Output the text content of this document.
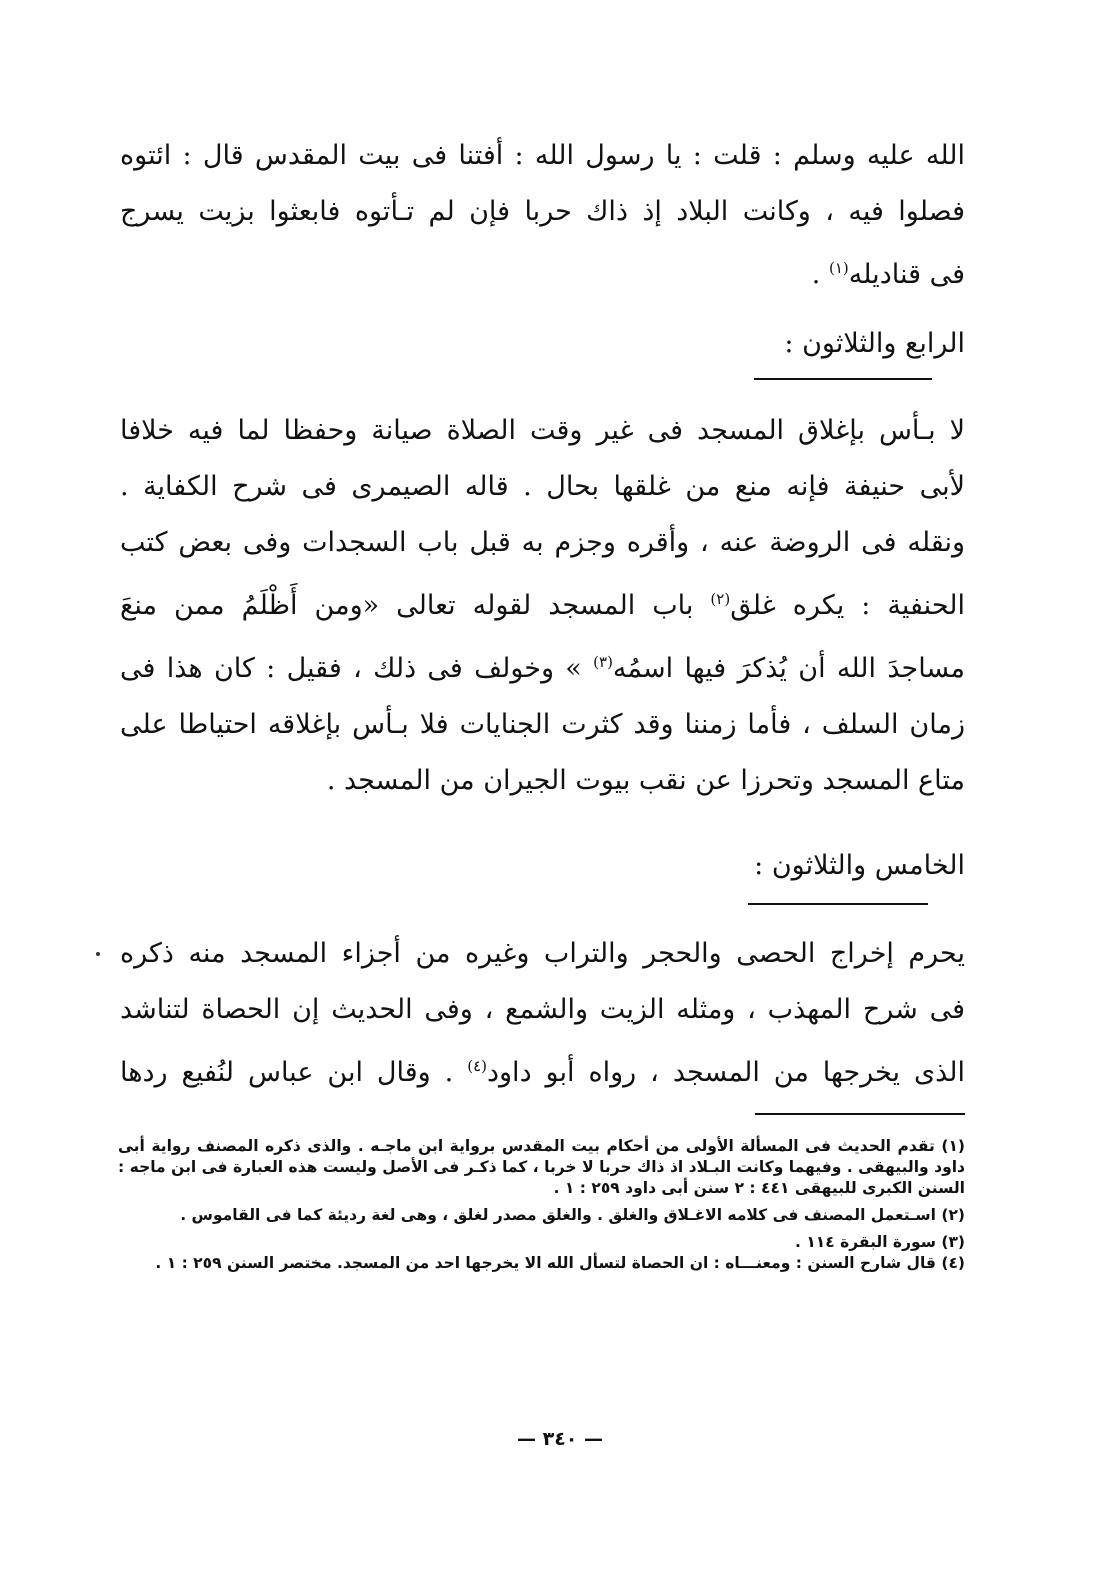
الله عليه وسلم : قلت : يا رسول الله : أفتنا فى بيت المقدس قال : ائتوه
فصلوا فيه ، وكانت البلاد إذ ذاك حربا فإن لم تـأتوه فابعثوا بزيت يسرج
فى قناديله$^{(١)}$ .
الرابع والثلاثون :
لا بـأس بإغلاق المسجد فى غير وقت الصلاة صيانة وحفظا لما فيه خلافا
لأبى حنيفة فإنه منع من غلقها بحال . قاله الصيمرى فى شرح الكفاية .
ونقله فى الروضة عنه ، وأقره وجزم به قبل باب السجدات وفى بعض كتب
الحنفية : يكره غلق$^{(٢)}$ باب المسجد لقوله تعالى «ومن أَظْلَمُ ممن منعَ
مساجدَ الله أن يُذكرَ فيها اسمُه$^{(٣)}$ » وخولف فى ذلك ، فقيل : كان هذا فى
زمان السلف ، فأما زمننا وقد كثرت الجنايات فلا بـأس بإغلاقه احتياطا على
متاع المسجد وتحرزا عن نقب بيوت الجيران من المسجد .
الخامس والثلاثون :
يحرم إخراج الحصى والحجر والتراب وغيره من أجزاء المسجد منه ذكره
فى شرح المهذب ، ومثله الزيت والشمع ، وفى الحديث إن الحصاة لتناشد
الذى يخرجها من المسجد ، رواه أبو داود$^{(٤)}$ . وقال ابن عباس لنُفيع ردها
(١) تقدم الحديث فى المسألة الأولى من أحكام بيت المقدس برواية ابن ماجـه . والذى ذكره المصنف رواية أبى داود والبيهقى . وفيهما وكانت البـلاد اذ ذاك حربا لا خربا ، كما ذكـر فى الأصل وليست هذه العبارة فى ابن ماجه : السنن الكبرى للبيهقى ٤٤١ : ٢ سنن أبى داود ٢٥٩ : ١ .
(٢) اسـتعمل المصنف فى كلامه الاغـلاق والغلق . والغلق مصدر لغلق ، وهى لغة رديئة كما فى القاموس .
(٣) سورة البقرة ١١٤ .
(٤) قال شارح السنن : ومعنـــاه : ان الحصاة لتسأل الله الا يخرجها احد من المسجد. مختصر السنن ٢٥٩ : ١ .
— ٣٤٠ —
